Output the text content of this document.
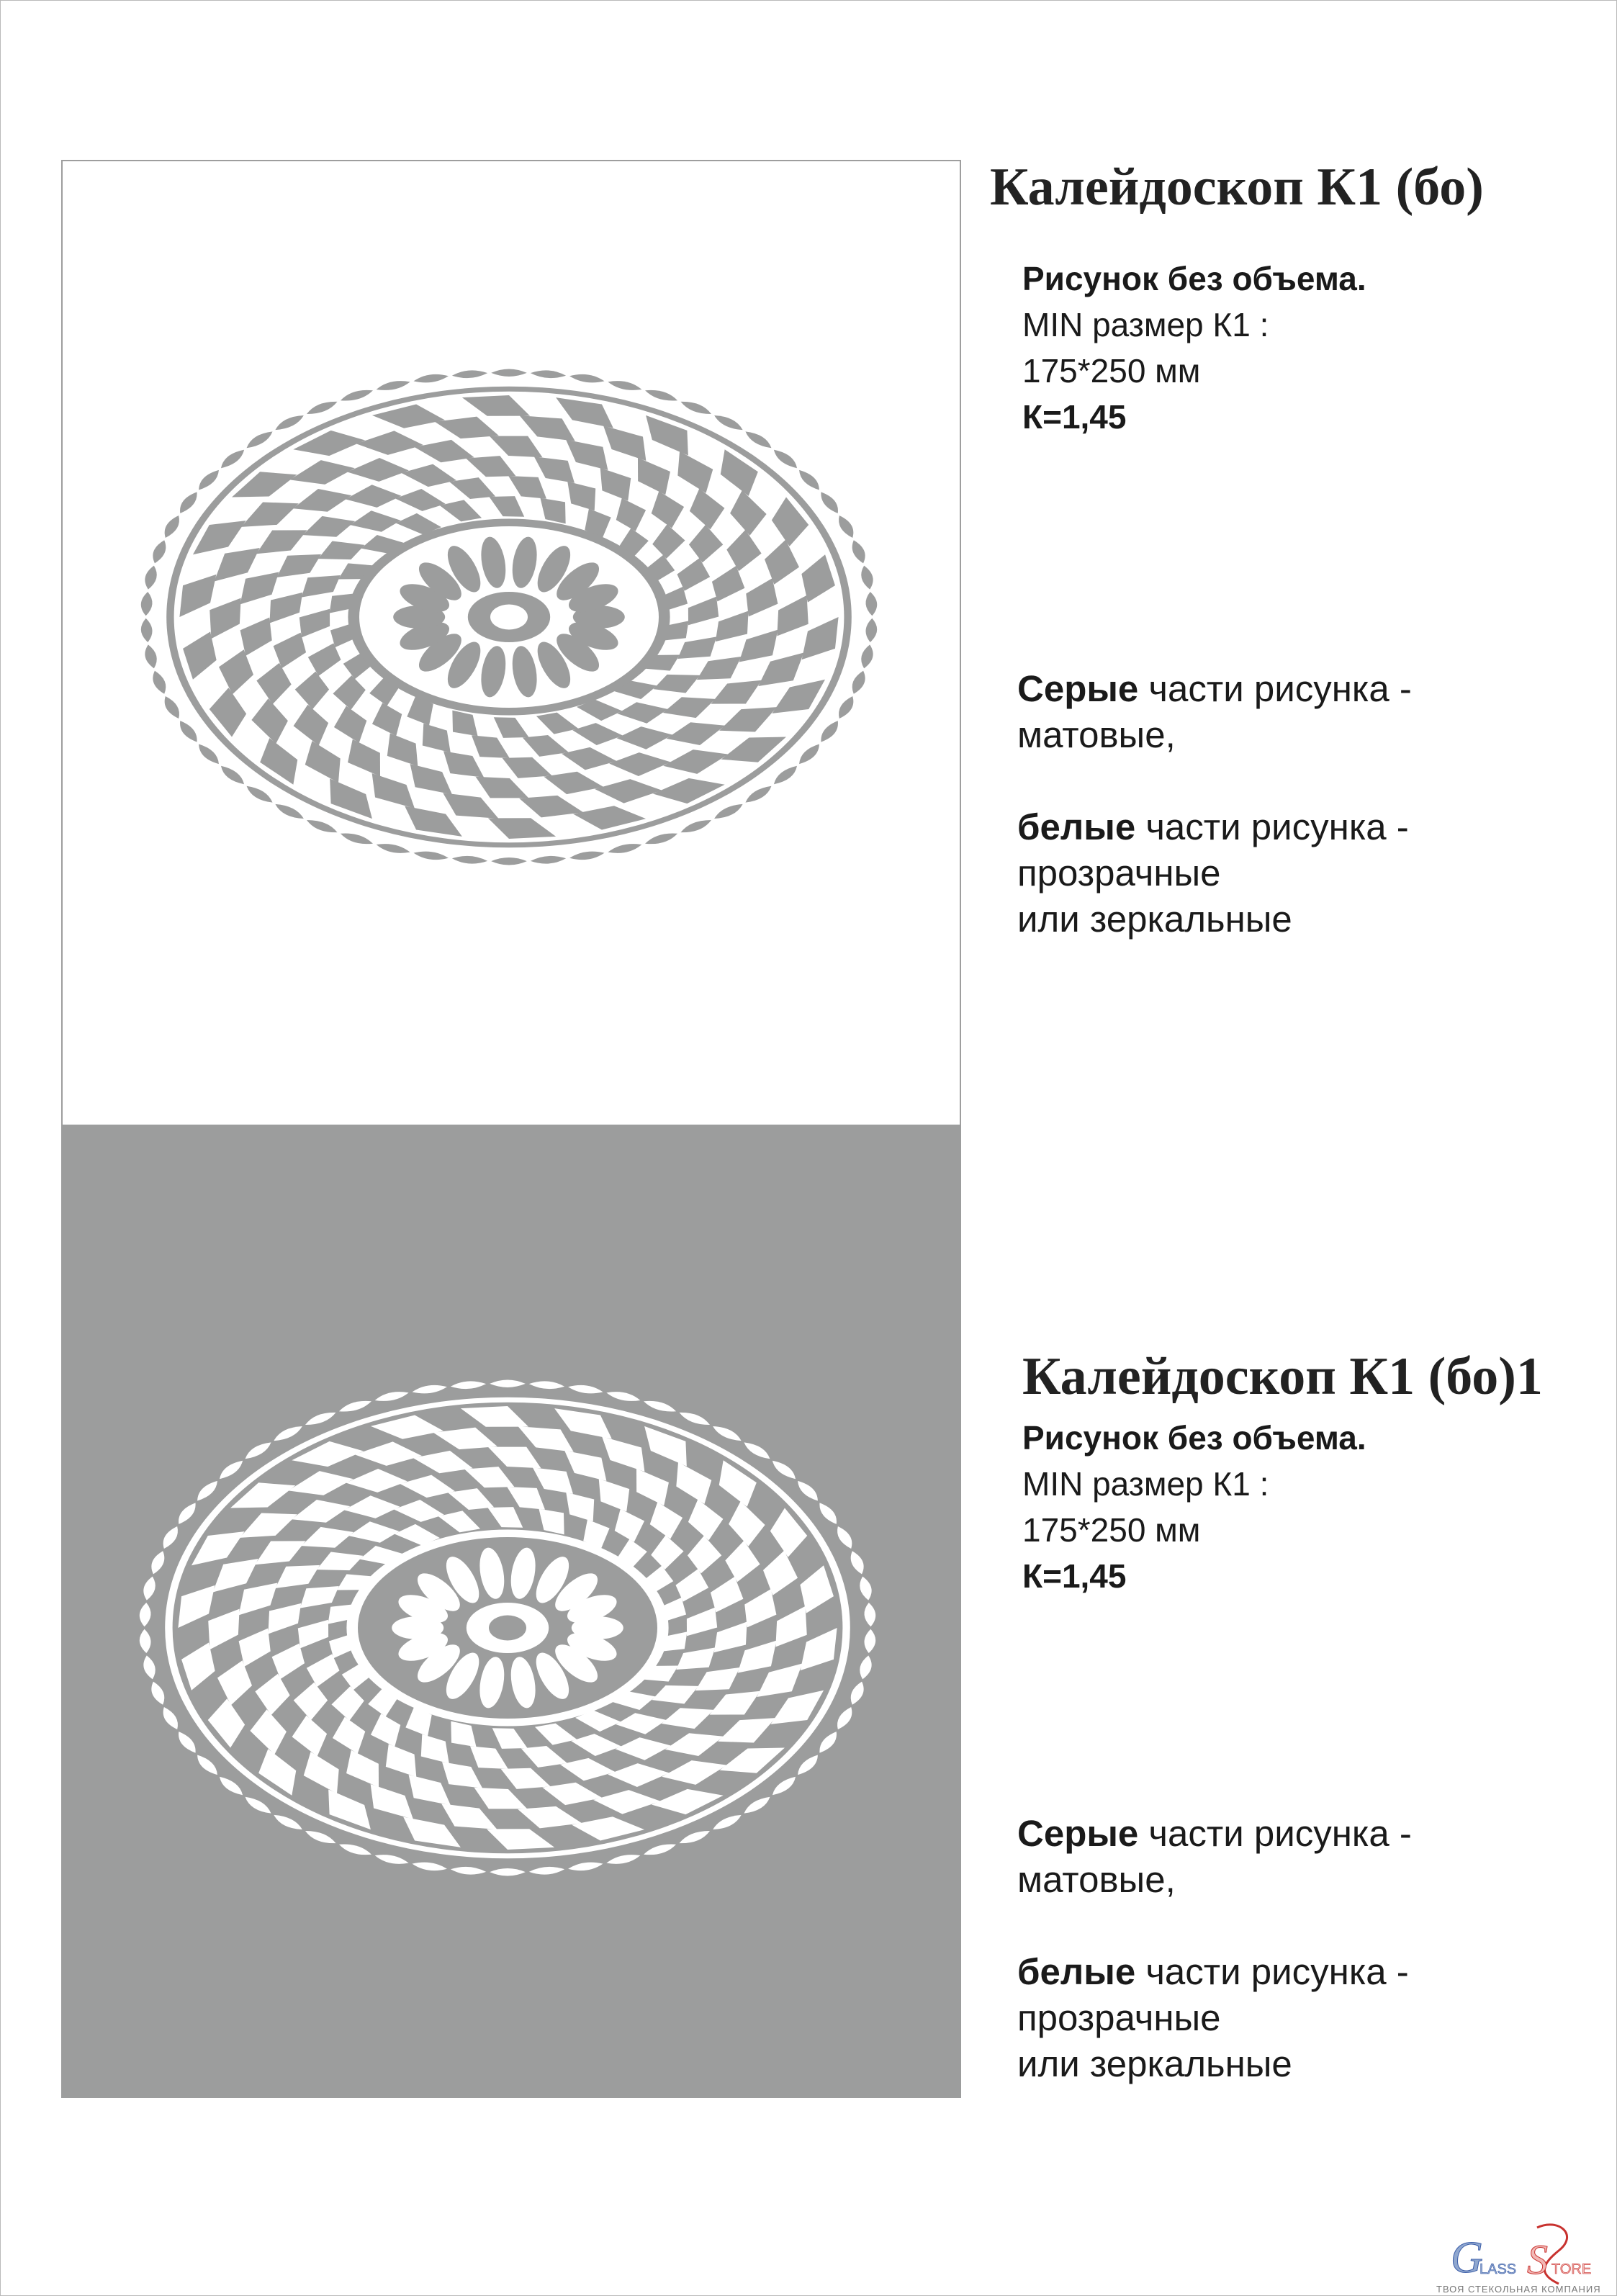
Калейдоскоп К1 (бо)
Рисунок без объема.
MIN размер К1 :
175*250 мм
К=1,45
Серые части рисунка -
матовые,
белые части рисунка -
прозрачные
или зеркальные
Калейдоскоп К1 (бо)1
Рисунок без объема.
MIN размер К1 :
175*250 мм
К=1,45
Серые части рисунка -
матовые,
белые части рисунка -
прозрачные
или зеркальные
G
LASS S TORE
ТВОЯ СТЕКОЛЬНАЯ КОМПАНИЯ
